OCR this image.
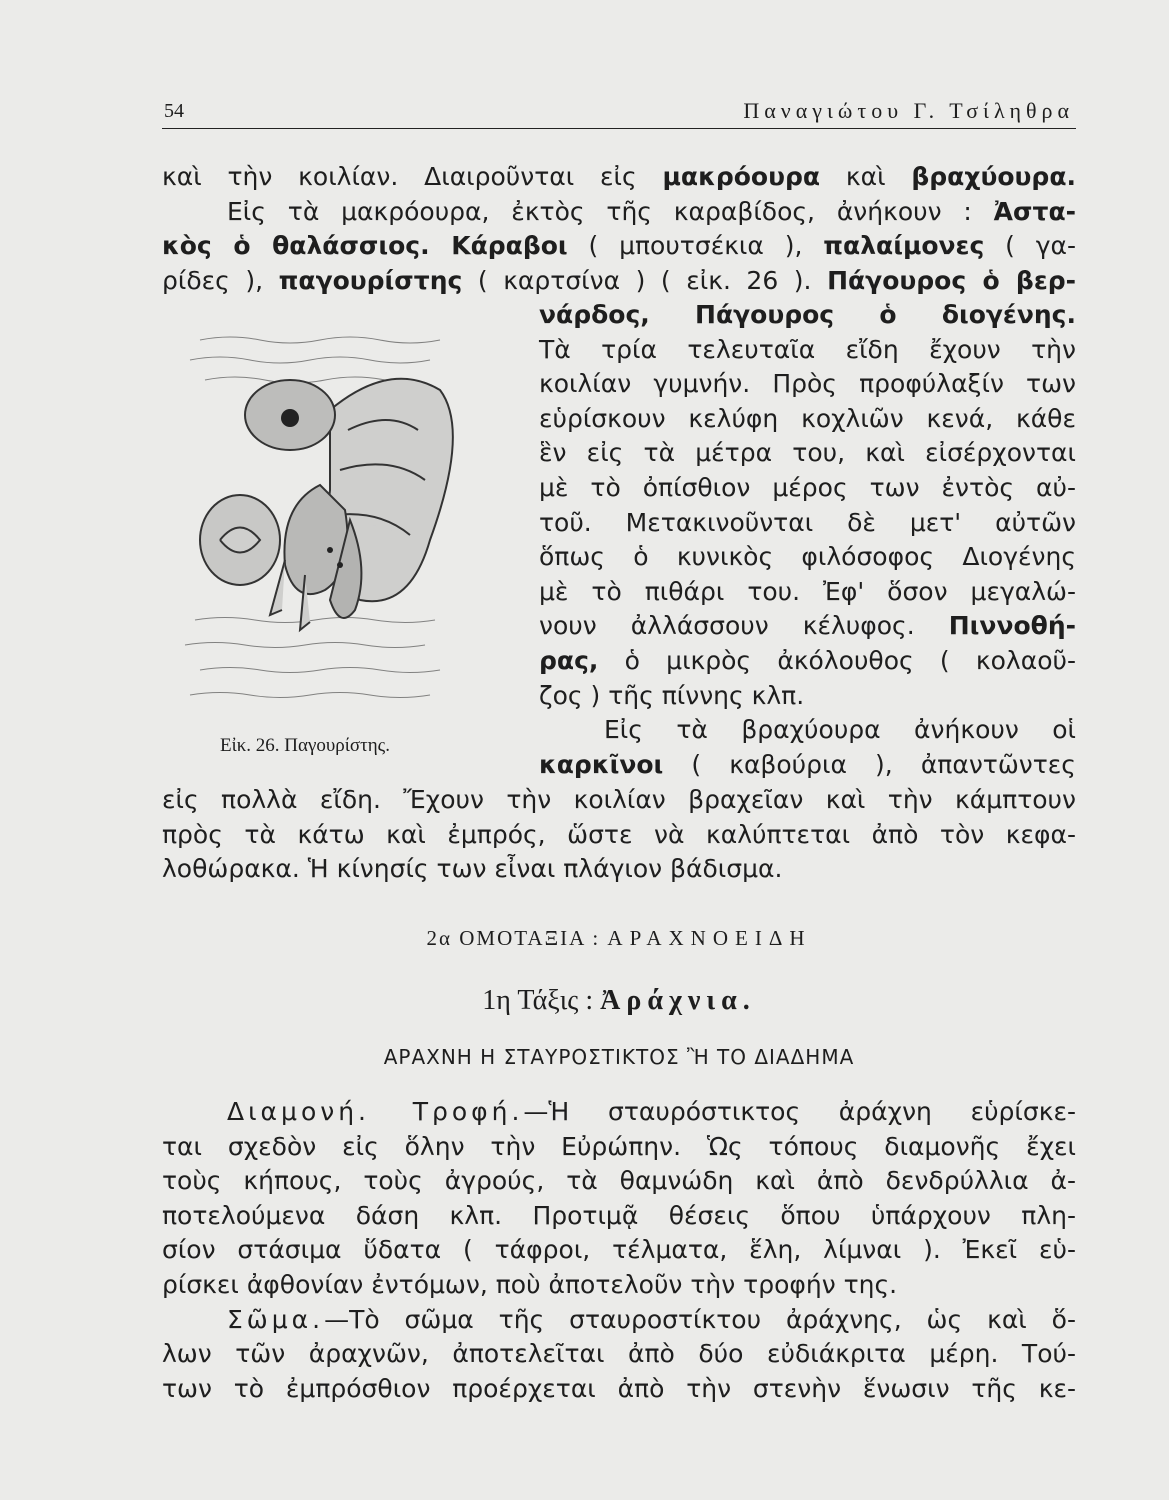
54	Παναγιώτου Γ. Τσίληθρα
καὶ τὴν κοιλίαν. Διαιροῦνται εἰς μακρόουρα καὶ βραχύουρα.
Εἰς τὰ μακρόουρα, ἐκτὸς τῆς καραβίδος, ἀνήκουν : Ἀστα-
κὸς ὁ θαλάσσιος. Κάραβοι ( μπουτσέκια ), παλαίμονες ( γα-
ρίδες ), παγουρίστης ( καρτσίνα ) ( εἰκ. 26 ). Πάγουρος ὁ βερ-
νάρδος, Πάγουρος ὁ διογένης.
Τὰ τρία τελευταῖα εἴδη ἔχουν τὴν
κοιλίαν γυμνήν. Πρὸς προφύλαξίν των
εὑρίσκουν κελύφη κοχλιῶν κενά, κάθε
ἓν εἰς τὰ μέτρα του, καὶ εἰσέρχονται
μὲ τὸ ὀπίσθιον μέρος των ἐντὸς αὐ-
τοῦ. Μετακινοῦνται δὲ μετ' αὐτῶν
ὅπως ὁ κυνικὸς φιλόσοφος Διογένης
μὲ τὸ πιθάρι του. Ἐφ' ὅσον μεγαλώ-
νουν ἀλλάσσουν κέλυφος. Πιννοθή-
ρας, ὁ μικρὸς ἀκόλουθος ( κολαοῦ-
ζος ) τῆς πίννης κλπ.
Εἰς τὰ βραχύουρα ἀνήκουν οἱ
καρκῖνοι ( καβούρια ), ἀπαντῶντες
εἰς πολλὰ εἴδη. Ἔχουν τὴν κοιλίαν βραχεῖαν καὶ τὴν κάμπτουν
πρὸς τὰ κάτω καὶ ἐμπρός, ὥστε νὰ καλύπτεται ἀπὸ τὸν κεφα-
λοθώρακα. Ἡ κίνησίς των εἶναι πλάγιον βάδισμα.
Εἰκ. 26. Παγουρίστης.
2α ΟΜΟΤΑΞΙΑ : ΑΡΑΧΝΟΕΙΔΗ
1η Τάξις : Ἀράχνια.
ΑΡΑΧΝΗ Η ΣΤΑΥΡΟΣΤΙΚΤΟΣ Ἢ ΤΟ ΔΙΑΔΗΜΑ
Διαμονή. Τροφή.—Ἡ σταυρόστικτος ἀράχνη εὑρίσκε-
ται σχεδὸν εἰς ὅλην τὴν Εὐρώπην. Ὡς τόπους διαμονῆς ἔχει
τοὺς κήπους, τοὺς ἀγρούς, τὰ θαμνώδη καὶ ἀπὸ δενδρύλλια ἀ-
ποτελούμενα δάση κλπ. Προτιμᾷ θέσεις ὅπου ὑπάρχουν πλη-
σίον στάσιμα ὕδατα ( τάφροι, τέλματα, ἕλη, λίμναι ). Ἐκεῖ εὑ-
ρίσκει ἀφθονίαν ἐντόμων, ποὺ ἀποτελοῦν τὴν τροφήν της.
Σῶμα.—Τὸ σῶμα τῆς σταυροστίκτου ἀράχνης, ὡς καὶ ὅ-
λων τῶν ἀραχνῶν, ἀποτελεῖται ἀπὸ δύο εὐδιάκριτα μέρη. Τού-
των τὸ ἐμπρόσθιον προέρχεται ἀπὸ τὴν στενὴν ἕνωσιν τῆς κε-
